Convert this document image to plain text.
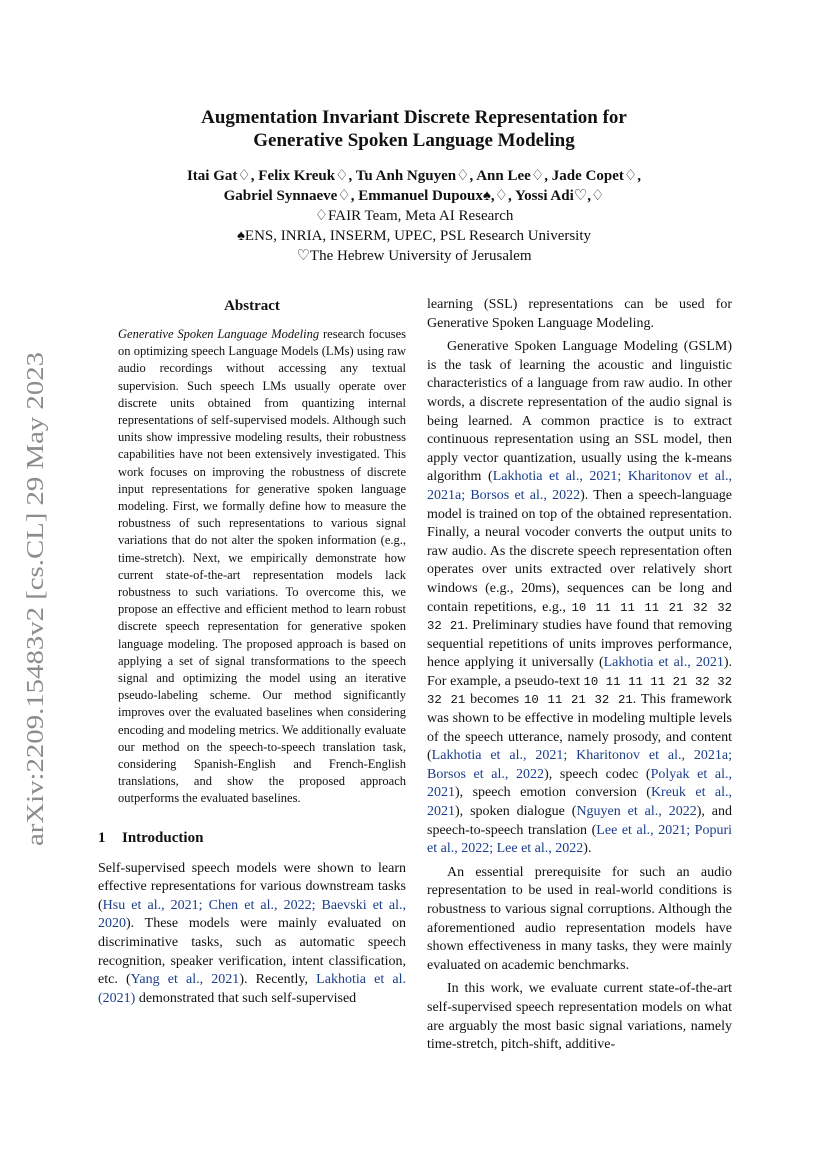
arXiv:2209.15483v2 [cs.CL] 29 May 2023
Augmentation Invariant Discrete Representation for
Generative Spoken Language Modeling
Itai Gat♢, Felix Kreuk♢, Tu Anh Nguyen♢, Ann Lee♢, Jade Copet♢,
Gabriel Synnaeve♢, Emmanuel Dupoux♠,♢, Yossi Adi♡,♢
♢FAIR Team, Meta AI Research
♠ENS, INRIA, INSERM, UPEC, PSL Research University
♡The Hebrew University of Jerusalem
Abstract
Generative Spoken Language Modeling research focuses on optimizing speech Language Models (LMs) using raw audio recordings without accessing any textual supervision. Such speech LMs usually operate over discrete units obtained from quantizing internal representations of self-supervised models. Although such units show impressive modeling results, their robustness capabilities have not been extensively investigated. This work focuses on improving the robustness of discrete input representations for generative spoken language modeling. First, we formally define how to measure the robustness of such representations to various signal variations that do not alter the spoken information (e.g., time-stretch). Next, we empirically demonstrate how current state-of-the-art representation models lack robustness to such variations. To overcome this, we propose an effective and efficient method to learn robust discrete speech representation for generative spoken language modeling. The proposed approach is based on applying a set of signal transformations to the speech signal and optimizing the model using an iterative pseudo-labeling scheme. Our method significantly improves over the evaluated baselines when considering encoding and modeling metrics. We additionally evaluate our method on the speech-to-speech translation task, considering Spanish-English and French-English translations, and show the proposed approach outperforms the evaluated baselines.
1 Introduction

Self-supervised speech models were shown to learn effective representations for various downstream tasks (Hsu et al., 2021; Chen et al., 2022; Baevski et al., 2020). These models were mainly evaluated on discriminative tasks, such as automatic speech recognition, speaker verification, intent classification, etc. (Yang et al., 2021). Recently, Lakhotia et al. (2021) demonstrated that such self-supervised

learning (SSL) representations can be used for Generative Spoken Language Modeling.

Generative Spoken Language Modeling (GSLM) is the task of learning the acoustic and linguistic characteristics of a language from raw audio. In other words, a discrete representation of the audio signal is being learned. A common practice is to extract continuous representation using an SSL model, then apply vector quantization, usually using the k-means algorithm (Lakhotia et al., 2021; Kharitonov et al., 2021a; Borsos et al., 2022). Then a speech-language model is trained on top of the obtained representation. Finally, a neural vocoder converts the output units to raw audio. As the discrete speech representation often operates over units extracted over relatively short windows (e.g., 20ms), sequences can be long and contain repetitions, e.g., 10 11 11 11 21 32 32 32 21. Preliminary studies have found that removing sequential repetitions of units improves performance, hence applying it universally (Lakhotia et al., 2021). For example, a pseudo-text 10 11 11 11 21 32 32 32 21 becomes 10 11 21 32 21. This framework was shown to be effective in modeling multiple levels of the speech utterance, namely prosody, and content (Lakhotia et al., 2021; Kharitonov et al., 2021a; Borsos et al., 2022), speech codec (Polyak et al., 2021), speech emotion conversion (Kreuk et al., 2021), spoken dialogue (Nguyen et al., 2022), and speech-to-speech translation (Lee et al., 2021; Popuri et al., 2022; Lee et al., 2022).

An essential prerequisite for such an audio representation to be used in real-world conditions is robustness to various signal corruptions. Although the aforementioned audio representation models have shown effectiveness in many tasks, they were mainly evaluated on academic benchmarks.

In this work, we evaluate current state-of-the-art self-supervised speech representation models on what are arguably the most basic signal variations, namely time-stretch, pitch-shift, additive-
